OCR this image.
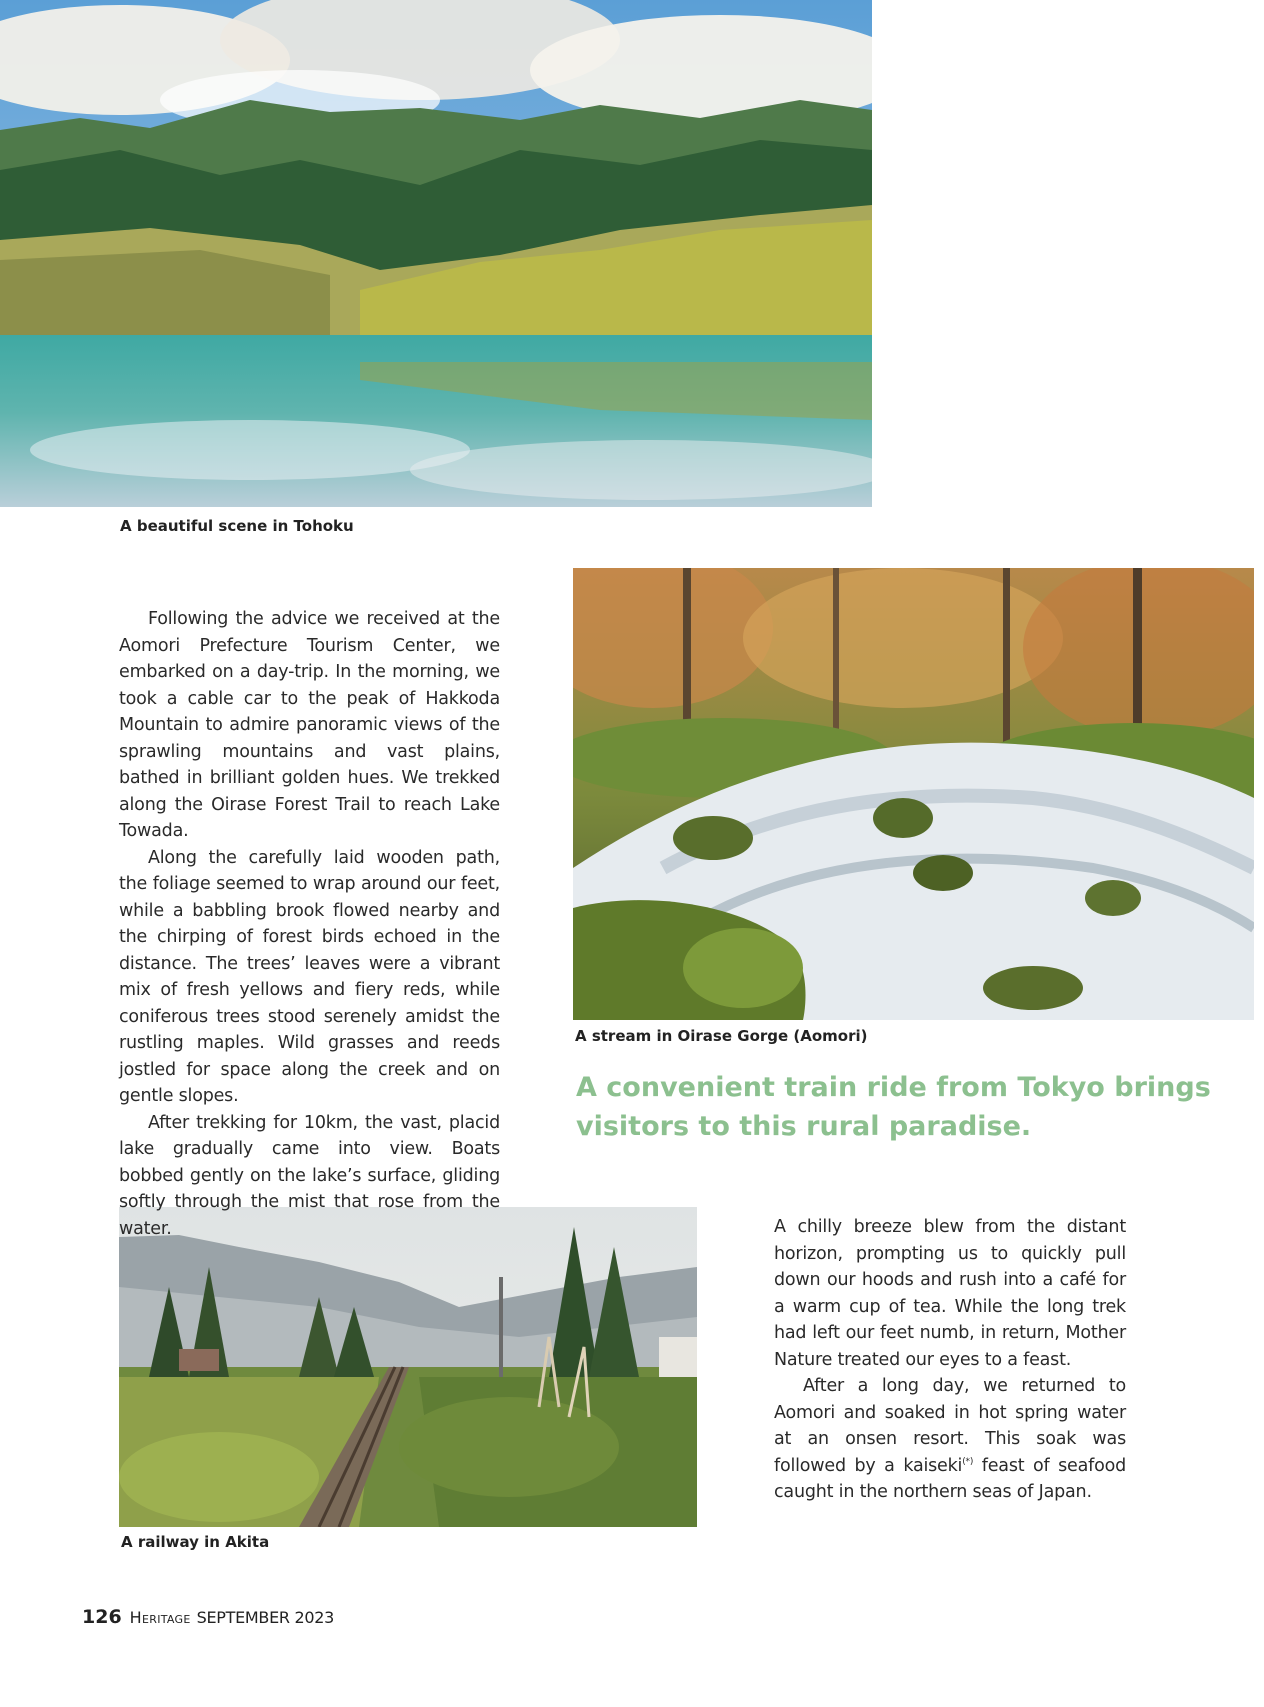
A beautiful scene in Tohoku
A stream in Oirase Gorge (Aomori)
A railway in Akita

Following the advice we received at the Aomori Prefecture Tourism Center, we embarked on a day-trip. In the morning, we took a cable car to the peak of Hakkoda Mountain to admire panoramic views of the sprawling mountains and vast plains, bathed in brilliant golden hues. We trekked along the Oirase Forest Trail to reach Lake Towada.

Along the carefully laid wooden path, the foliage seemed to wrap around our feet, while a babbling brook flowed nearby and the chirping of forest birds echoed in the distance. The trees’ leaves were a vibrant mix of fresh yellows and fiery reds, while coniferous trees stood serenely amidst the rustling maples. Wild grasses and reeds jostled for space along the creek and on gentle slopes.

After trekking for 10km, the vast, placid lake gradually came into view. Boats bobbed gently on the lake’s surface, gliding softly through the mist that rose from the water.

A convenient train ride from Tokyo brings visitors to this rural paradise.

A chilly breeze blew from the distant horizon, prompting us to quickly pull down our hoods and rush into a café for a warm cup of tea. While the long trek had left our feet numb, in return, Mother Nature treated our eyes to a feast.

After a long day, we returned to Aomori and soaked in hot spring water at an onsen resort. This soak was followed by a kaiseki(*) feast of seafood caught in the northern seas of Japan.

126 Heritage SEPTEMBER 2023
